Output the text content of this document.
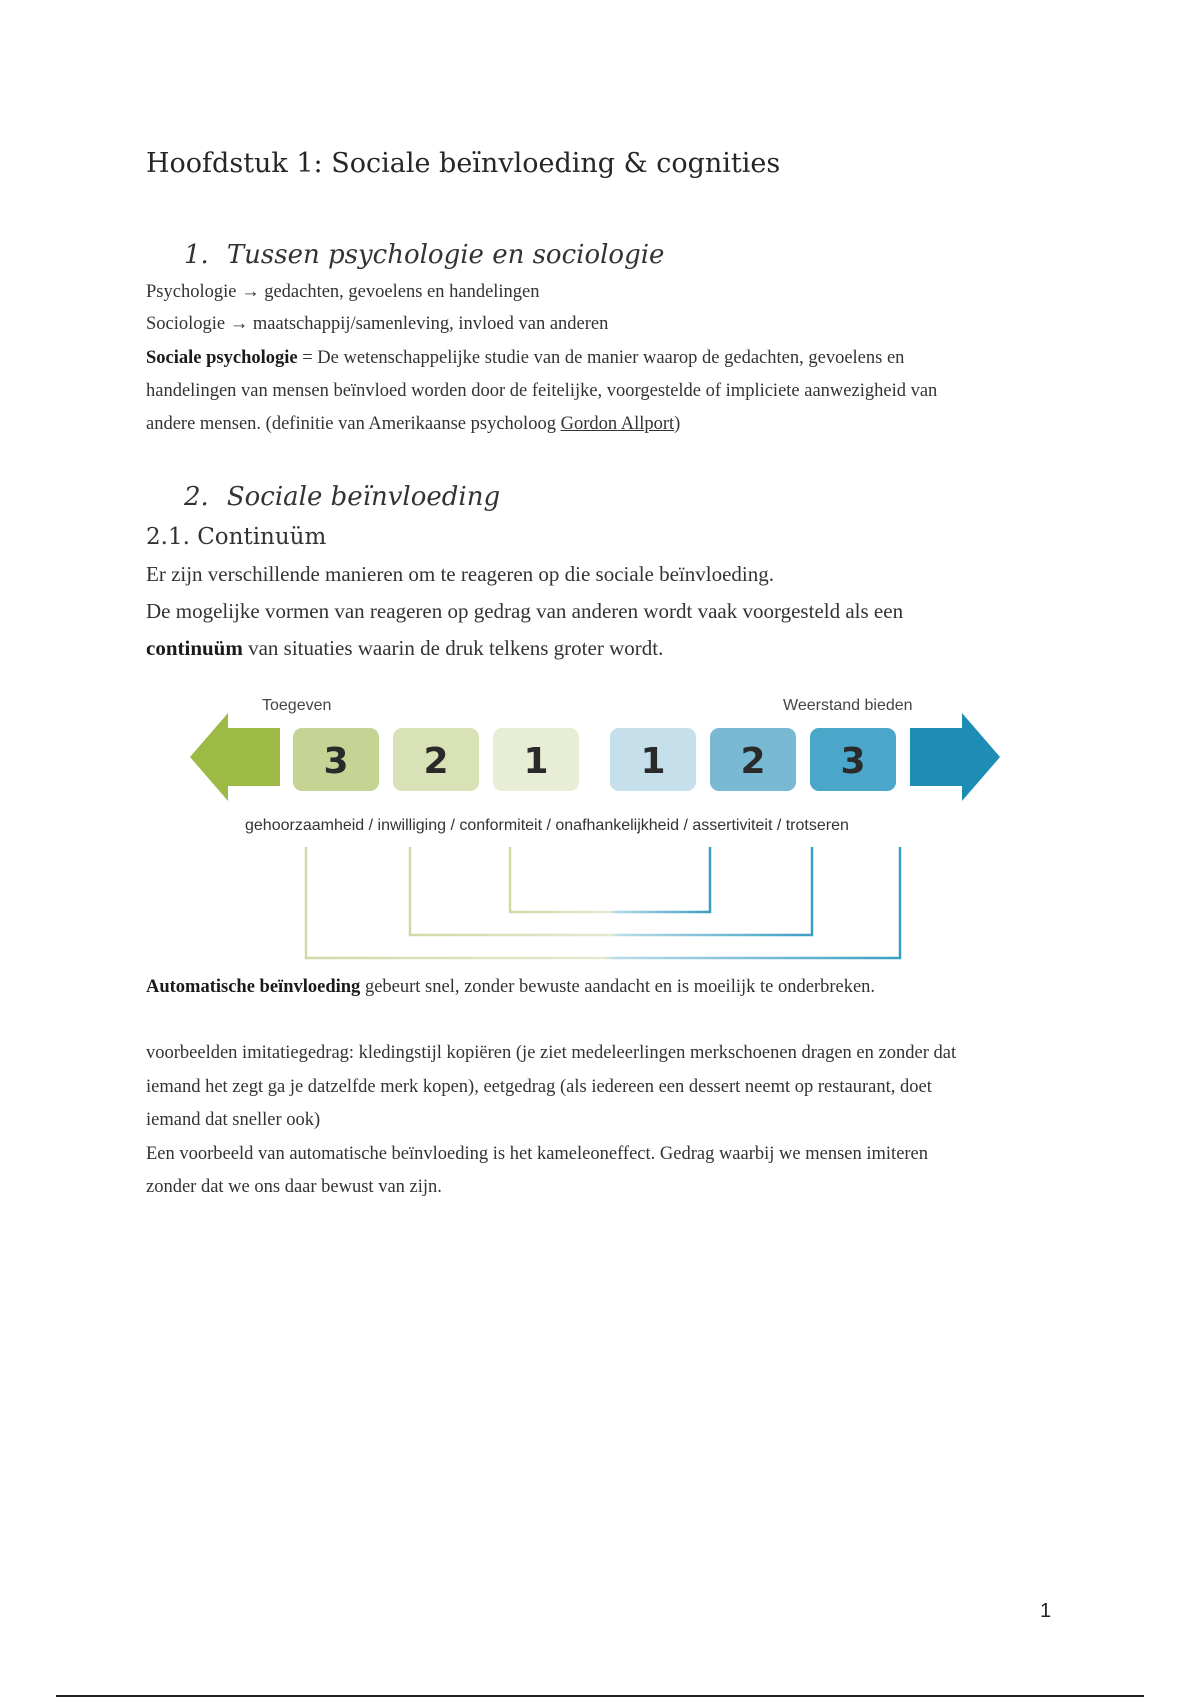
Hoofdstuk 1: Sociale beïnvloeding & cognities
1. Tussen psychologie en sociologie
Psychologie → gedachten, gevoelens en handelingen
Sociologie → maatschappij/samenleving, invloed van anderen
Sociale psychologie = De wetenschappelijke studie van de manier waarop de gedachten, gevoelens en
handelingen van mensen beïnvloed worden door de feitelijke, voorgestelde of impliciete aanwezigheid van
andere mensen. (definitie van Amerikaanse psycholoog Gordon Allport)
2. Sociale beïnvloeding
2.1. Continuüm
Er zijn verschillende manieren om te reageren op die sociale beïnvloeding.
De mogelijke vormen van reageren op gedrag van anderen wordt vaak voorgesteld als een
continuüm van situaties waarin de druk telkens groter wordt.
Toegeven	Weerstand bieden
3 2 1	1 2 3
gehoorzaamheid / inwilliging / conformiteit / onafhankelijkheid / assertiviteit / trotseren
Automatische beïnvloeding gebeurt snel, zonder bewuste aandacht en is moeilijk te onderbreken.
voorbeelden imitatiegedrag: kledingstijl kopiëren (je ziet medeleerlingen merkschoenen dragen en zonder dat
iemand het zegt ga je datzelfde merk kopen), eetgedrag (als iedereen een dessert neemt op restaurant, doet
iemand dat sneller ook)
Een voorbeeld van automatische beïnvloeding is het kameleoneffect. Gedrag waarbij we mensen imiteren
zonder dat we ons daar bewust van zijn.
1
